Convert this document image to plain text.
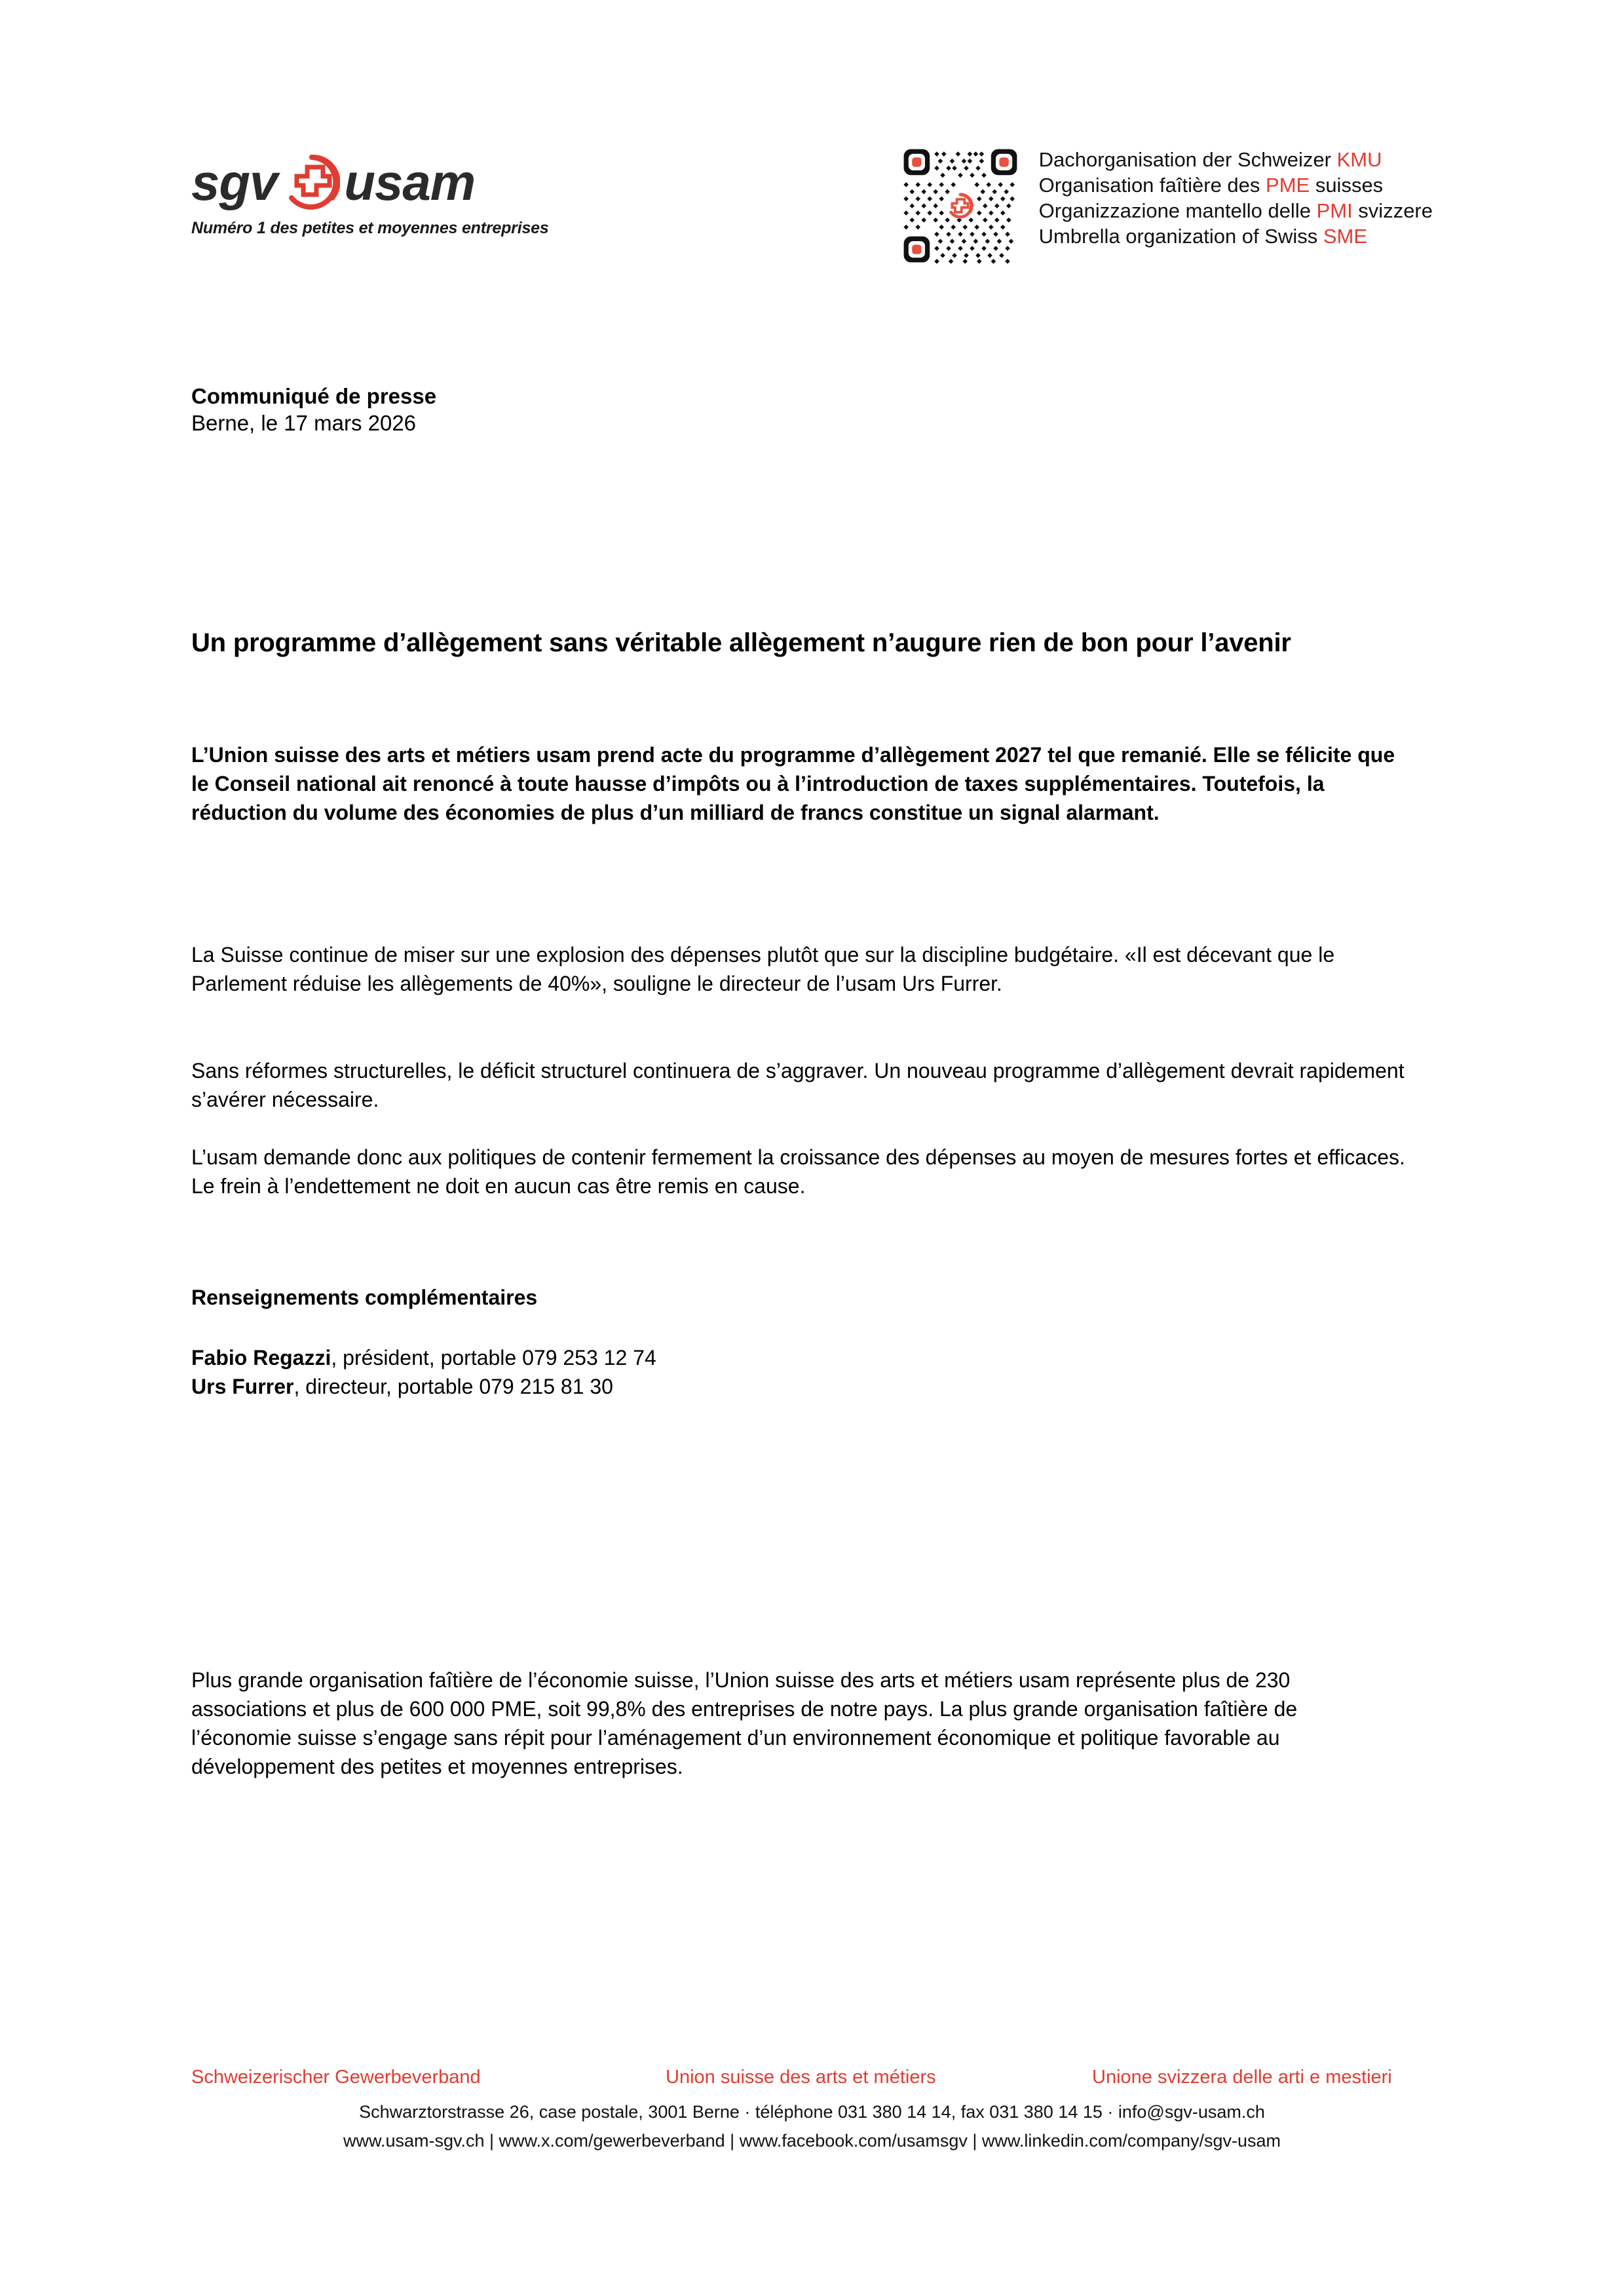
sgv usam
Numéro 1 des petites et moyennes entreprises
Dachorganisation der Schweizer KMU
Organisation faîtière des PME suisses
Organizzazione mantello delle PMI svizzere
Umbrella organization of Swiss SME
Communiqué de presse
Berne, le 17 mars 2026
Un programme d’allègement sans véritable allègement n’augure rien de bon pour l’avenir

L’Union suisse des arts et métiers usam prend acte du programme d’allègement 2027 tel que remanié. Elle se félicite que le Conseil national ait renoncé à toute hausse d’impôts ou à l’introduction de taxes supplémentaires. Toutefois, la réduction du volume des économies de plus d’un milliard de francs constitue un signal alarmant.

La Suisse continue de miser sur une explosion des dépenses plutôt que sur la discipline budgétaire. «Il est décevant que le Parlement réduise les allègements de 40%», souligne le directeur de l’usam Urs Furrer.

Sans réformes structurelles, le déficit structurel continuera de s’aggraver. Un nouveau programme d’allègement devrait rapidement s’avérer nécessaire.

L’usam demande donc aux politiques de contenir fermement la croissance des dépenses au moyen de mesures fortes et efficaces. Le frein à l’endettement ne doit en aucun cas être remis en cause.

Renseignements complémentaires
Fabio Regazzi, président, portable 079 253 12 74
Urs Furrer, directeur, portable 079 215 81 30

Plus grande organisation faîtière de l’économie suisse, l’Union suisse des arts et métiers usam représente plus de 230 associations et plus de 600 000 PME, soit 99,8% des entreprises de notre pays. La plus grande organisation faîtière de l’économie suisse s’engage sans répit pour l’aménagement d’un environnement économique et politique favorable au développement des petites et moyennes entreprises.

Schweizerischer Gewerbeverband	Union suisse des arts et métiers	Unione svizzera delle arti e mestieri
Schwarztorstrasse 26, case postale, 3001 Berne · téléphone 031 380 14 14, fax 031 380 14 15 · info@sgv-usam.ch
www.usam-sgv.ch | www.x.com/gewerbeverband | www.facebook.com/usamsgv | www.linkedin.com/company/sgv-usam
